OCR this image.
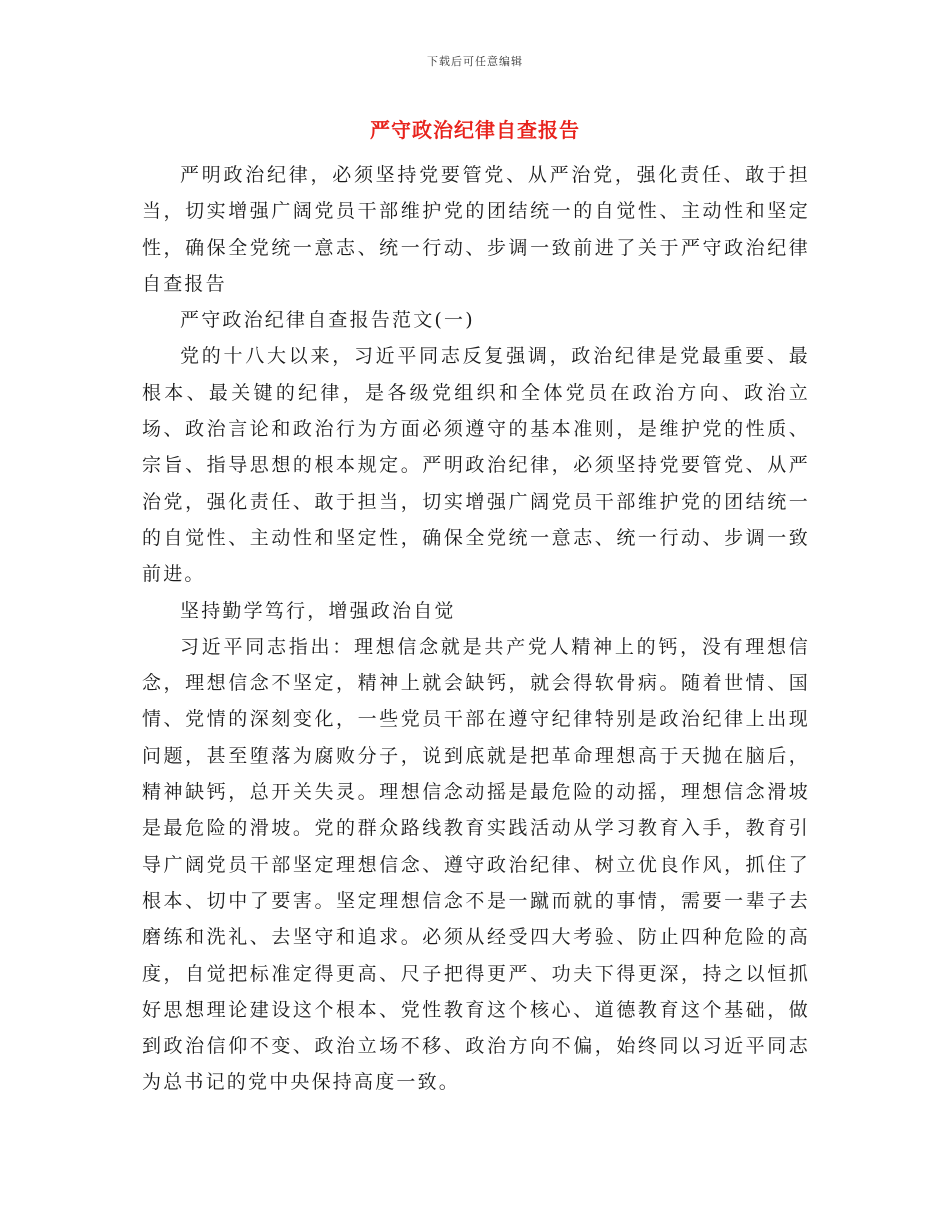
下载后可任意编辑
严守政治纪律自查报告

严明政治纪律，必须坚持党要管党、从严治党，强化责任、敢于担当，切实增强广阔党员干部维护党的团结统一的自觉性、主动性和坚定性，确保全党统一意志、统一行动、步调一致前进了关于严守政治纪律自查报告

严守政治纪律自查报告范文(一)

党的十八大以来，习近平同志反复强调，政治纪律是党最重要、最根本、最关键的纪律，是各级党组织和全体党员在政治方向、政治立场、政治言论和政治行为方面必须遵守的基本准则，是维护党的性质、宗旨、指导思想的根本规定。严明政治纪律，必须坚持党要管党、从严治党，强化责任、敢于担当，切实增强广阔党员干部维护党的团结统一的自觉性、主动性和坚定性，确保全党统一意志、统一行动、步调一致前进。

坚持勤学笃行，增强政治自觉

习近平同志指出：理想信念就是共产党人精神上的钙，没有理想信念，理想信念不坚定，精神上就会缺钙，就会得软骨病。随着世情、国情、党情的深刻变化，一些党员干部在遵守纪律特别是政治纪律上出现问题，甚至堕落为腐败分子，说到底就是把革命理想高于天抛在脑后，精神缺钙，总开关失灵。理想信念动摇是最危险的动摇，理想信念滑坡是最危险的滑坡。党的群众路线教育实践活动从学习教育入手，教育引导广阔党员干部坚定理想信念、遵守政治纪律、树立优良作风，抓住了根本、切中了要害。坚定理想信念不是一蹴而就的事情，需要一辈子去磨练和洗礼、去坚守和追求。必须从经受四大考验、防止四种危险的高度，自觉把标准定得更高、尺子把得更严、功夫下得更深，持之以恒抓好思想理论建设这个根本、党性教育这个核心、道德教育这个基础，做到政治信仰不变、政治立场不移、政治方向不偏，始终同以习近平同志为总书记的党中央保持高度一致。
